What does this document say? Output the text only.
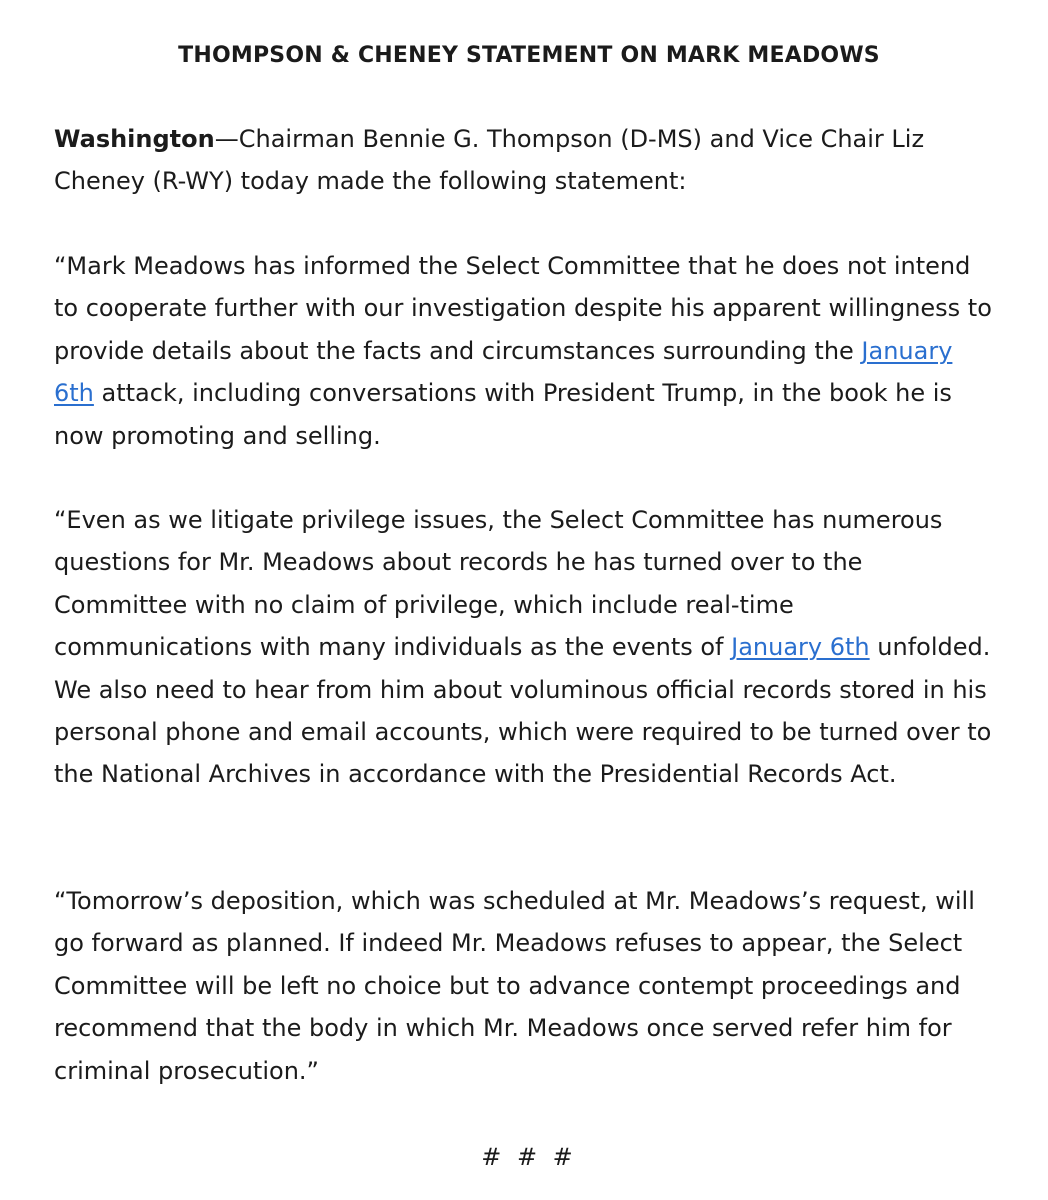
THOMPSON & CHENEY STATEMENT ON MARK MEADOWS

Washington—Chairman Bennie G. Thompson (D-MS) and Vice Chair Liz Cheney (R-WY) today made the following statement:

“Mark Meadows has informed the Select Committee that he does not intend to cooperate further with our investigation despite his apparent willingness to provide details about the facts and circumstances surrounding the January 6th attack, including conversations with President Trump, in the book he is now promoting and selling.

“Even as we litigate privilege issues, the Select Committee has numerous questions for Mr. Meadows about records he has turned over to the Committee with no claim of privilege, which include real-time communications with many individuals as the events of January 6th unfolded. We also need to hear from him about voluminous official records stored in his personal phone and email accounts, which were required to be turned over to the National Archives in accordance with the Presidential Records Act.

“Tomorrow’s deposition, which was scheduled at Mr. Meadows’s request, will go forward as planned. If indeed Mr. Meadows refuses to appear, the Select Committee will be left no choice but to advance contempt proceedings and recommend that the body in which Mr. Meadows once served refer him for criminal prosecution.”

# # #
